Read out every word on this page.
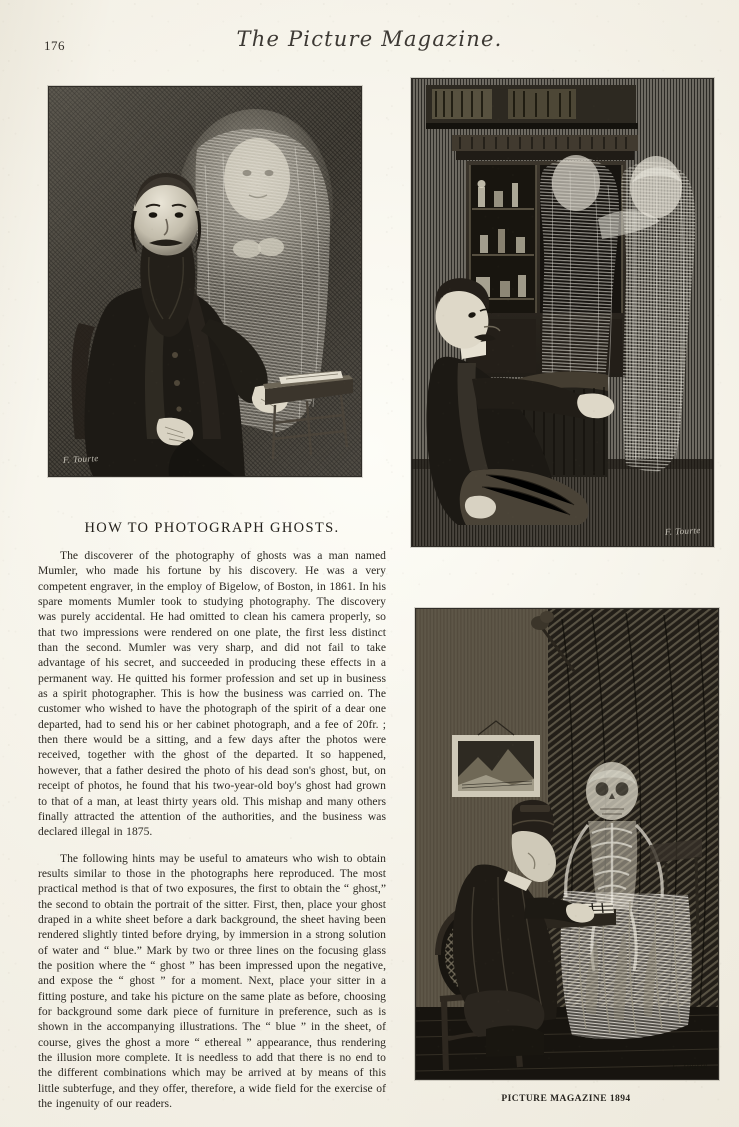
176	The Picture Magazine.
F. Tourte
F. Tourte
F. Tourte
PICTURE MAGAZINE 1894
HOW TO PHOTOGRAPH GHOSTS.

The discoverer of the photography of ghosts was a man named Mumler, who made his fortune by his discovery. He was a very competent engraver, in the employ of Bigelow, of Boston, in 1861. In his spare moments Mumler took to studying photography. The discovery was purely accidental. He had omitted to clean his camera properly, so that two impressions were rendered on one plate, the first less distinct than the second. Mumler was very sharp, and did not fail to take advantage of his secret, and succeeded in producing these effects in a permanent way. He quitted his former profession and set up in business as a spirit photographer. This is how the business was carried on. The customer who wished to have the photograph of the spirit of a dear one departed, had to send his or her cabinet photograph, and a fee of 20fr. ; then there would be a sitting, and a few days after the photos were received, together with the ghost of the departed. It so happened, however, that a father desired the photo of his dead son's ghost, but, on receipt of photos, he found that his two-year-old boy's ghost had grown to that of a man, at least thirty years old. This mishap and many others finally attracted the attention of the authorities, and the business was declared illegal in 1875.

The following hints may be useful to amateurs who wish to obtain results similar to those in the photographs here reproduced. The most practical method is that of two exposures, the first to obtain the “ ghost,” the second to obtain the portrait of the sitter. First, then, place your ghost draped in a white sheet before a dark background, the sheet having been rendered slightly tinted before drying, by immersion in a strong solution of water and “ blue.” Mark by two or three lines on the focusing glass the position where the “ ghost ” has been impressed upon the negative, and expose the “ ghost ” for a moment. Next, place your sitter in a fitting posture, and take his picture on the same plate as before, choosing for background some dark piece of furniture in preference, such as is shown in the accompanying illustrations. The “ blue ” in the sheet, of course, gives the ghost a more “ ethereal ” appearance, thus rendering the illusion more complete. It is needless to add that there is no end to the different combinations which may be arrived at by means of this little subterfuge, and they offer, therefore, a wide field for the exercise of the ingenuity of our readers.
